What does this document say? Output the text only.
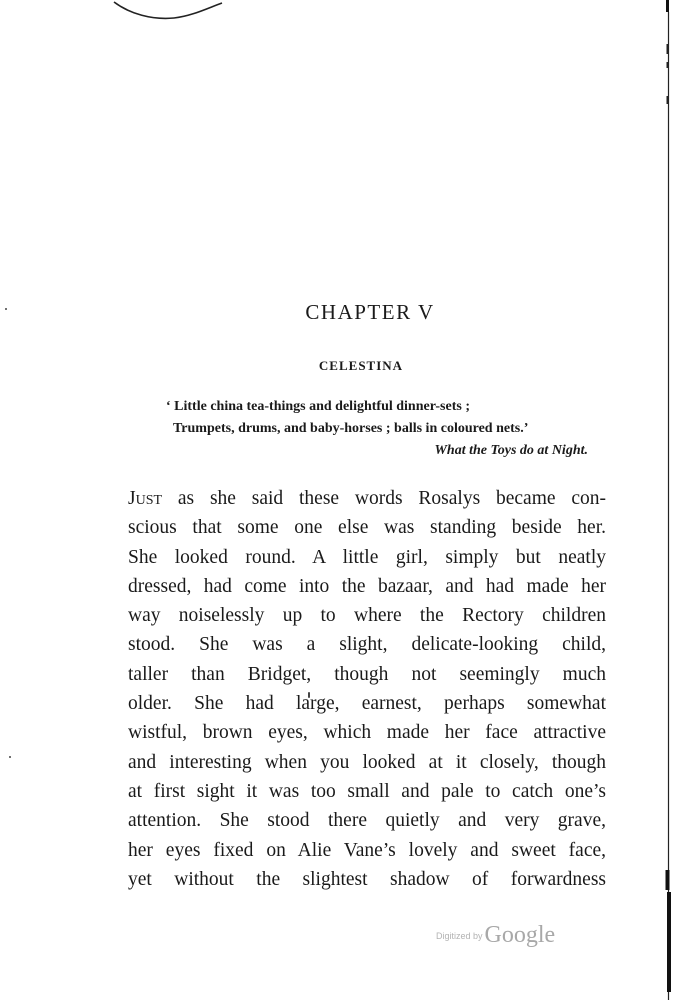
CHAPTER V
CELESTINA
‘ Little china tea-things and delightful dinner-sets ;
Trumpets, drums, and baby-horses ; balls in coloured nets.’
What the Toys do at Night.
Just as she said these words Rosalys became con-
scious that some one else was standing beside her.
She looked round. A little girl, simply but neatly
dressed, had come into the bazaar, and had made her
way noiselessly up to where the Rectory children
stood. She was a slight, delicate-looking child,
taller than Bridget, though not seemingly much
older. She had large, earnest, perhaps somewhat
wistful, brown eyes, which made her face attractive
and interesting when you looked at it closely, though
at first sight it was too small and pale to catch one’s
attention. She stood there quietly and very grave,
her eyes fixed on Alie Vane’s lovely and sweet face,
yet without the slightest shadow of forwardness
Digitized byGoogle
